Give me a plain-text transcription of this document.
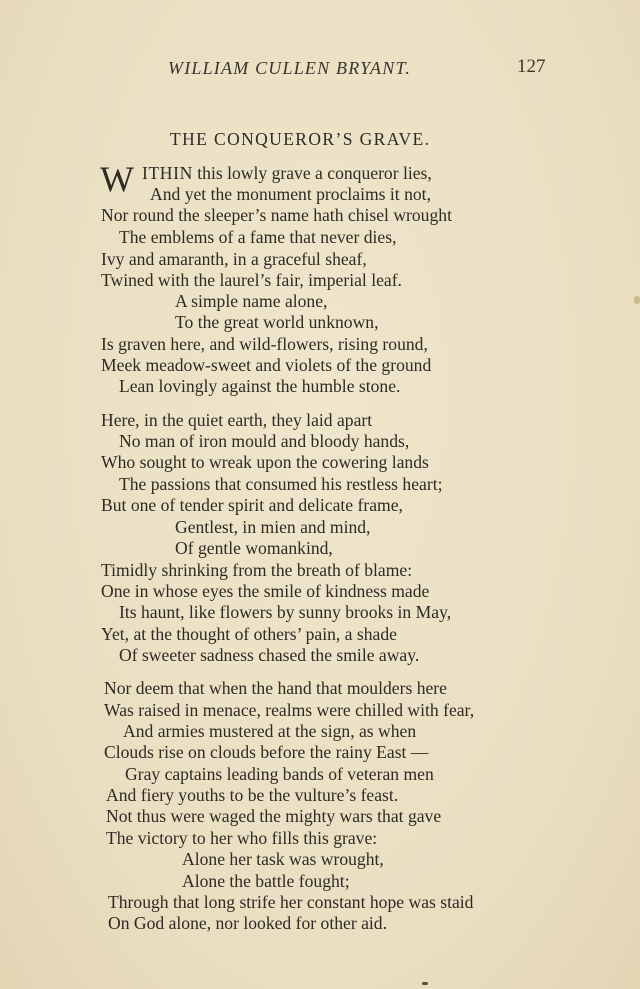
WILLIAM CULLEN BRYANT.	127
THE CONQUEROR’S GRAVE.
W ITHIN this lowly grave a conqueror lies,
And yet the monument proclaims it not,
Nor round the sleeper’s name hath chisel wrought
The emblems of a fame that never dies,
Ivy and amaranth, in a graceful sheaf,
Twined with the laurel’s fair, imperial leaf.
A simple name alone,
To the great world unknown,
Is graven here, and wild-flowers, rising round,
Meek meadow-sweet and violets of the ground
Lean lovingly against the humble stone.
Here, in the quiet earth, they laid apart
No man of iron mould and bloody hands,
Who sought to wreak upon the cowering lands
The passions that consumed his restless heart;
But one of tender spirit and delicate frame,
Gentlest, in mien and mind,
Of gentle womankind,
Timidly shrinking from the breath of blame:
One in whose eyes the smile of kindness made
Its haunt, like flowers by sunny brooks in May,
Yet, at the thought of others’ pain, a shade
Of sweeter sadness chased the smile away.
Nor deem that when the hand that moulders here
Was raised in menace, realms were chilled with fear,
And armies mustered at the sign, as when
Clouds rise on clouds before the rainy East —
Gray captains leading bands of veteran men
And fiery youths to be the vulture’s feast.
Not thus were waged the mighty wars that gave
The victory to her who fills this grave:
Alone her task was wrought,
Alone the battle fought;
Through that long strife her constant hope was staid
On God alone, nor looked for other aid.
